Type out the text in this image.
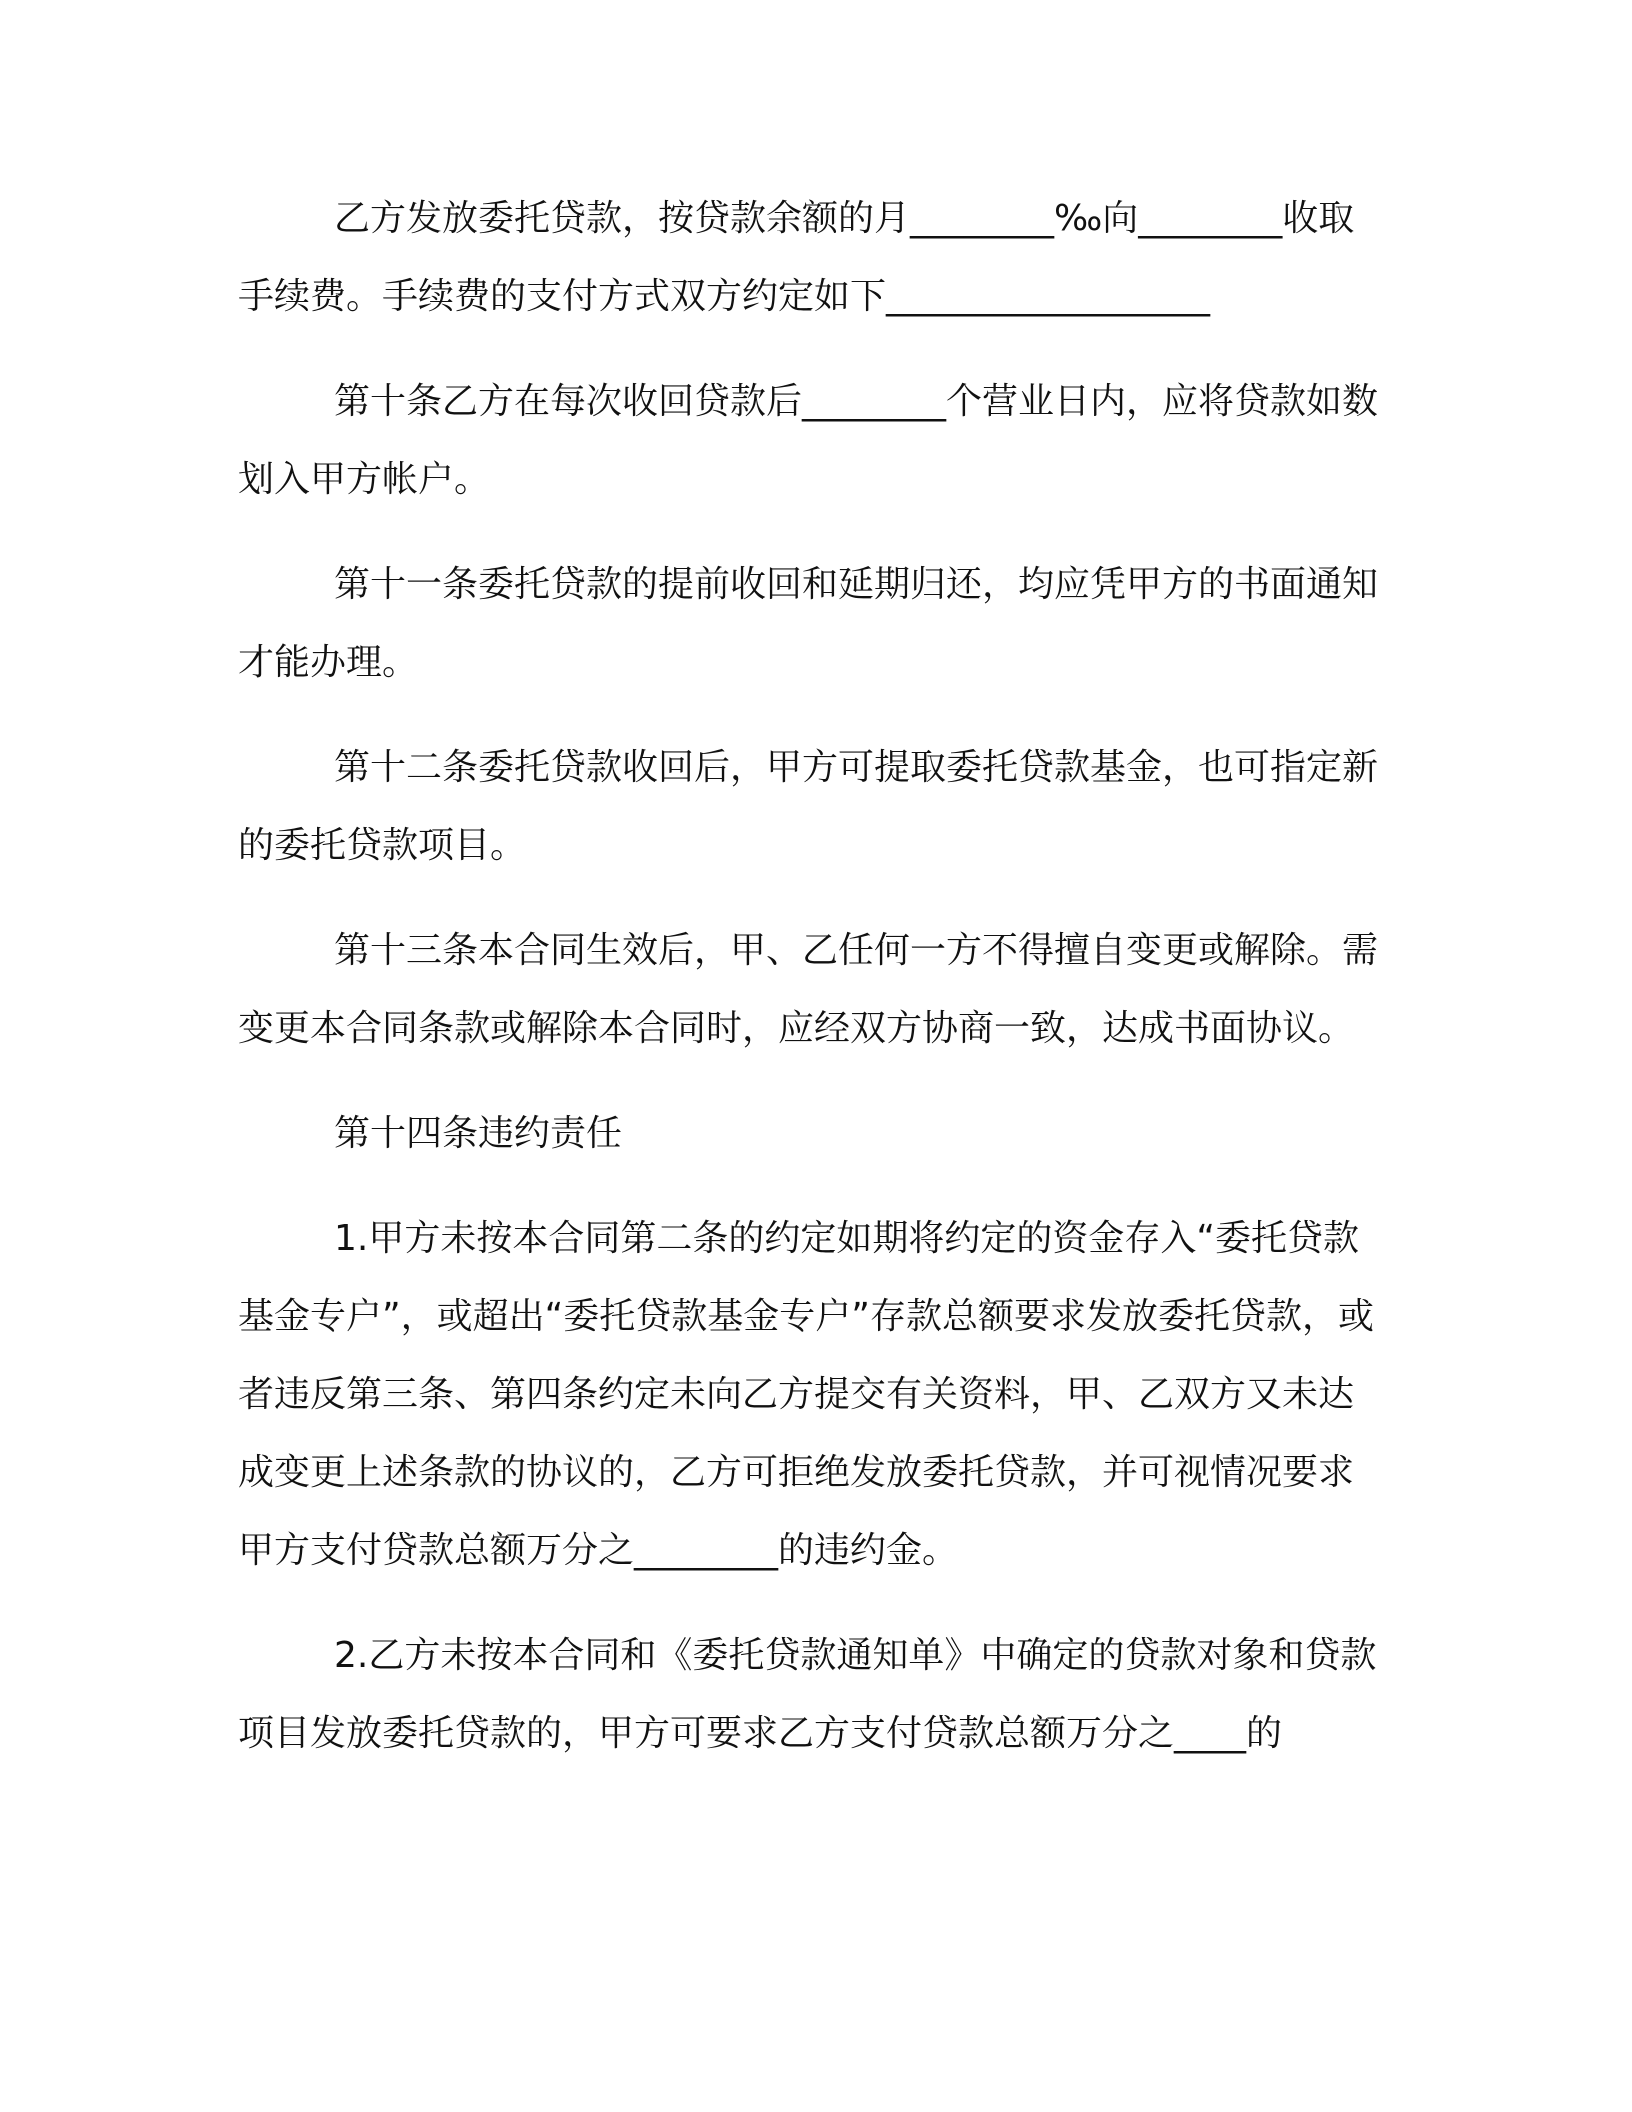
乙方发放委托贷款，按贷款余额的月________‰向________收取手续费。手续费的支付方式双方约定如下__________________

第十条乙方在每次收回贷款后________个营业日内，应将贷款如数划入甲方帐户。

第十一条委托贷款的提前收回和延期归还，均应凭甲方的书面通知才能办理。

第十二条委托贷款收回后，甲方可提取委托贷款基金，也可指定新的委托贷款项目。

第十三条本合同生效后，甲、乙任何一方不得擅自变更或解除。需变更本合同条款或解除本合同时，应经双方协商一致，达成书面协议。

第十四条违约责任

1.甲方未按本合同第二条的约定如期将约定的资金存入“委托贷款基金专户”，或超出“委托贷款基金专户”存款总额要求发放委托贷款，或者违反第三条、第四条约定未向乙方提交有关资料，甲、乙双方又未达成变更上述条款的协议的，乙方可拒绝发放委托贷款，并可视情况要求甲方支付贷款总额万分之________的违约金。

2.乙方未按本合同和《委托贷款通知单》中确定的贷款对象和贷款项目发放委托贷款的，甲方可要求乙方支付贷款总额万分之____的
